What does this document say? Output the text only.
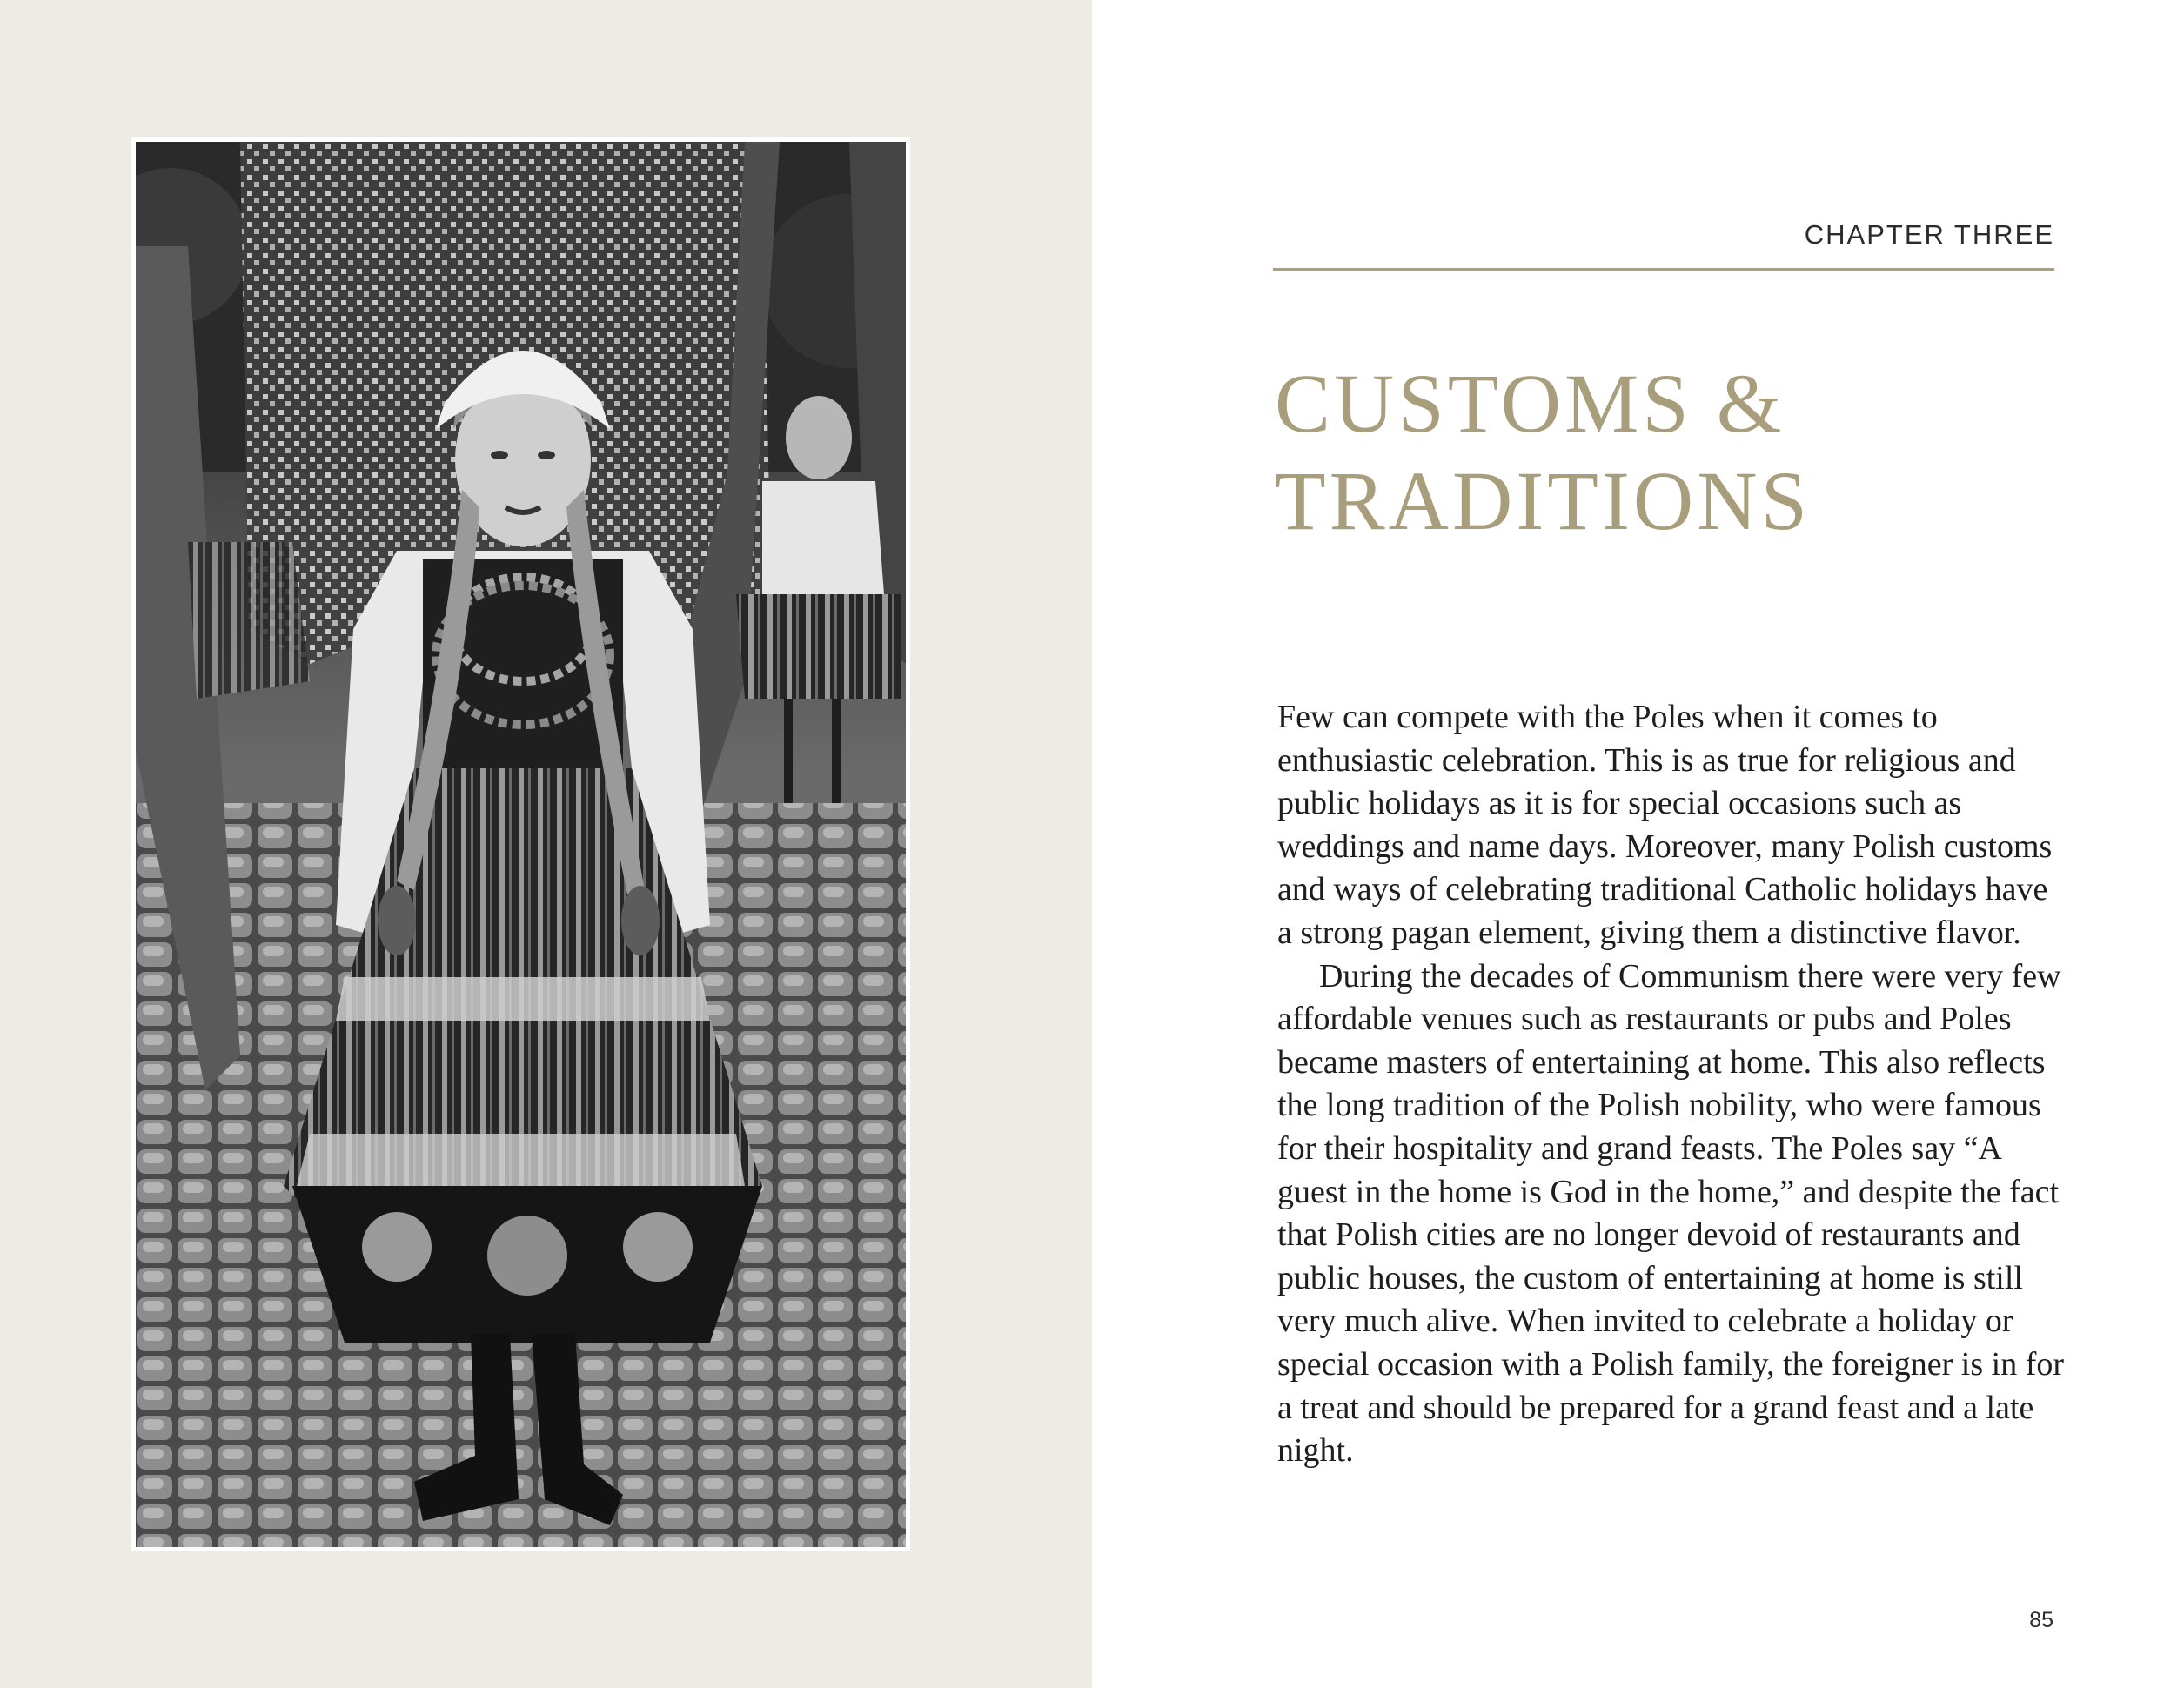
CHAPTER THREE
CUSTOMS &
TRADITIONS

Few can compete with the Poles when it comes to enthusiastic celebration. This is as true for religious and public holidays as it is for special occasions such as weddings and name days. Moreover, many Polish customs and ways of celebrating traditional Catholic holidays have a strong pagan element, giving them a distinctive flavor.

During the decades of Communism there were very few affordable venues such as restaurants or pubs and Poles became masters of entertaining at home. This also reflects the long tradition of the Polish nobility, who were famous for their hospitality and grand feasts. The Poles say “A guest in the home is God in the home,” and despite the fact that Polish cities are no longer devoid of restaurants and public houses, the custom of entertaining at home is still very much alive. When invited to celebrate a holiday or special occasion with a Polish family, the foreigner is in for a treat and should be prepared for a grand feast and a late night.

85
